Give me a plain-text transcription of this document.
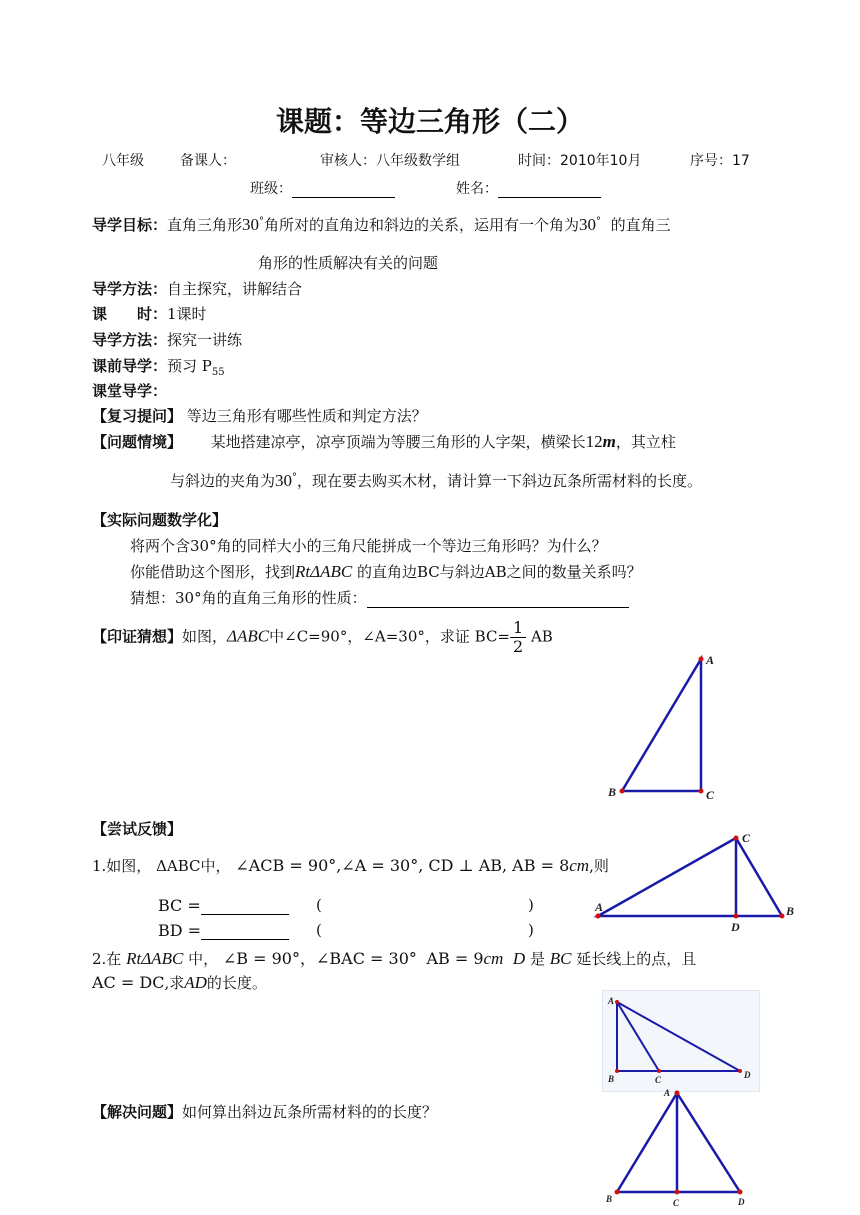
课题：等边三角形（二）
八年级	备课人：	审核人：八年级数学组	时间：2010年10月	序号：17
班级：	姓名：
导学目标：直角三角形30°角所对的直角边和斜边的关系，运用有一个角为30° 的直角三
角形的性质解决有关的问题
导学方法：自主探究，讲解结合
课　　时：1课时
导学方法：探究一讲练
课前导学：预习 $P_{55}$
课堂导学：
【复习提问】 等边三角形有哪些性质和判定方法？
【问题情境】 某地搭建凉亭，凉亭顶端为等腰三角形的人字架，横梁长12m，其立柱
与斜边的夹角为30°，现在要去购买木材，请计算一下斜边瓦条所需材料的长度。
【实际问题数学化】
将两个含30°角的同样大小的三角尺能拼成一个等边三角形吗？为什么？
你能借助这个图形，找到RtΔABC 的直角边BC与斜边AB之间的数量关系吗？
猜想：30°角的直角三角形的性质：
【印证猜想】如图，ΔABC中∠C=90°，∠A=30°，求证 $BC= \frac{1}{2}$ AB
A
B	C
C
A	B
D
【尝试反馈】
1.如图， ΔABC中， ∠ACB = 90°,∠A = 30°, CD ⊥ AB, AB = 8cm,则
BC =	(	)
BD =	(	)
2.在 RtΔABC 中， ∠B = 90°，∠BAC = 30° AB = 9cm D 是 BC 延长线上的点，且
AC = DC,求AD的长度。
A
B	C	D
A
B	C	D
【解决问题】如何算出斜边瓦条所需材料的的长度？
